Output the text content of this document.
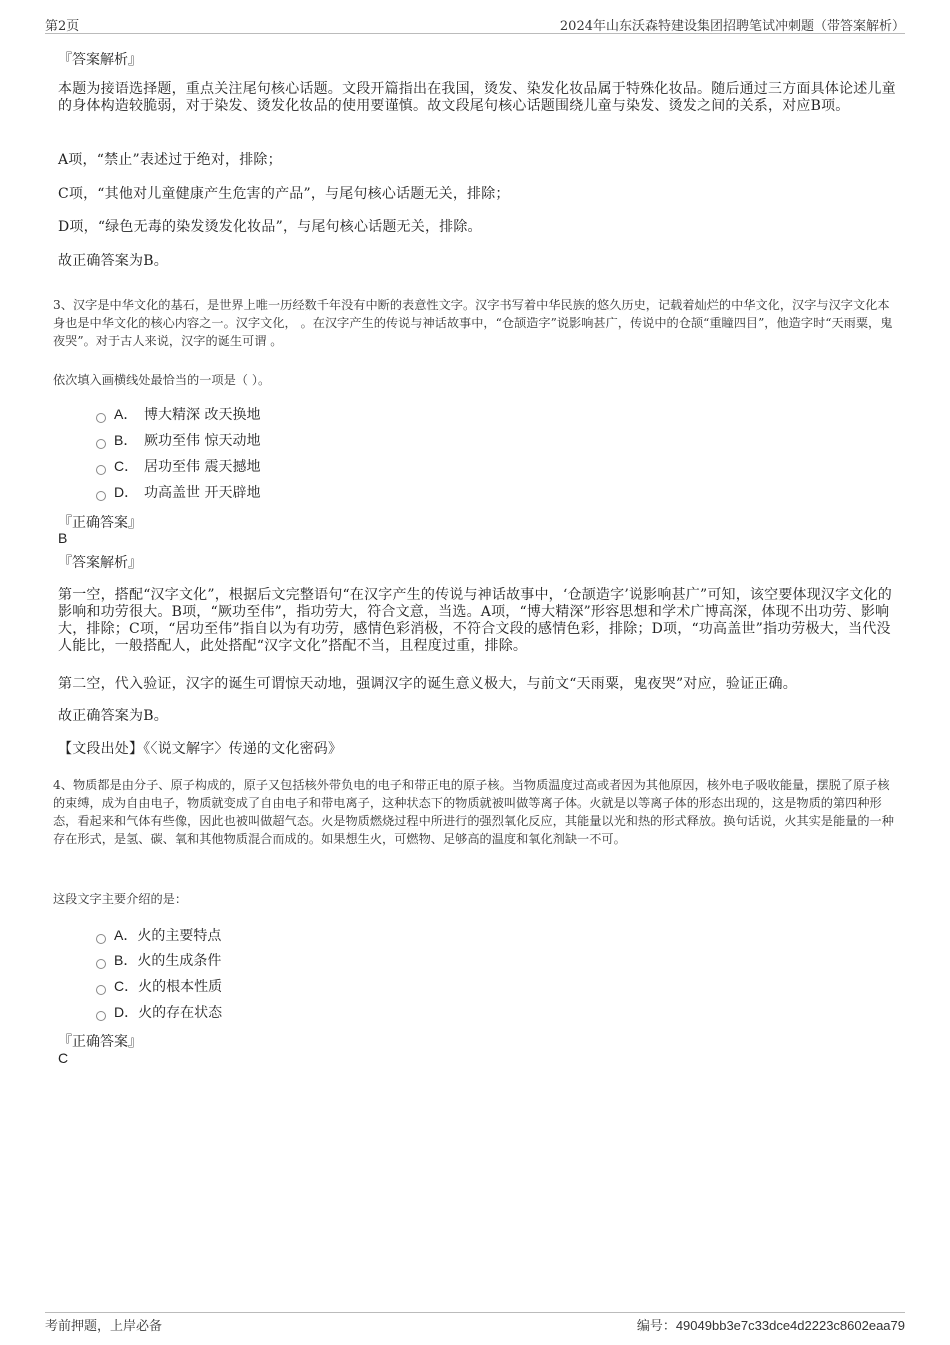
第2页	2024年山东沃森特建设集团招聘笔试冲刺题（带答案解析）
『答案解析』
本题为接语选择题，重点关注尾句核心话题。文段开篇指出在我国，烫发、染发化妆品属于特殊化妆品。随后通过三方面具体论述儿童的身体构造较脆弱，对于染发、烫发化妆品的使用要谨慎。故文段尾句核心话题围绕儿童与染发、烫发之间的关系，对应B项。
A项，“禁止”表述过于绝对，排除；
C项，“其他对儿童健康产生危害的产品”，与尾句核心话题无关，排除；
D项，“绿色无毒的染发烫发化妆品”，与尾句核心话题无关，排除。
故正确答案为B。
3、汉字是中华文化的基石，是世界上唯一历经数千年没有中断的表意性文字。汉字书写着中华民族的悠久历史，记载着灿烂的中华文化，汉字与汉字文化本身也是中华文化的核心内容之一。汉字文化， 。在汉字产生的传说与神话故事中，“仓颉造字”说影响甚广，传说中的仓颉“重瞳四目”，他造字时“天雨粟，鬼夜哭”。对于古人来说，汉字的诞生可谓 。
依次填入画横线处最恰当的一项是（ ）。
A． 博大精深 改天换地
B． 厥功至伟 惊天动地
C． 居功至伟 震天撼地
D． 功高盖世 开天辟地
『正确答案』
B
『答案解析』
第一空，搭配“汉字文化”，根据后文完整语句“在汉字产生的传说与神话故事中，‘仓颉造字’说影响甚广”可知，该空要体现汉字文化的影响和功劳很大。B项，“厥功至伟”，指功劳大，符合文意，当选。A项，“博大精深”形容思想和学术广博高深，体现不出功劳、影响大，排除；C项，“居功至伟”指自以为有功劳，感情色彩消极，不符合文段的感情色彩，排除；D项，“功高盖世”指功劳极大，当代没人能比，一般搭配人，此处搭配“汉字文化”搭配不当，且程度过重，排除。
第二空，代入验证，汉字的诞生可谓惊天动地，强调汉字的诞生意义极大，与前文“天雨粟，鬼夜哭”对应，验证正确。
故正确答案为B。
【文段出处】《〈说文解字〉传递的文化密码》
4、物质都是由分子、原子构成的，原子又包括核外带负电的电子和带正电的原子核。当物质温度过高或者因为其他原因，核外电子吸收能量，摆脱了原子核的束缚，成为自由电子，物质就变成了自由电子和带电离子，这种状态下的物质就被叫做等离子体。火就是以等离子体的形态出现的，这是物质的第四种形态，看起来和气体有些像，因此也被叫做超气态。火是物质燃烧过程中所进行的强烈氧化反应，其能量以光和热的形式释放。换句话说，火其实是能量的一种存在形式，是氢、碳、氧和其他物质混合而成的。如果想生火，可燃物、足够高的温度和氧化剂缺一不可。
这段文字主要介绍的是：
A．火的主要特点
B．火的生成条件
C．火的根本性质
D．火的存在状态
『正确答案』
C
考前押题，上岸必备	编号：49049bb3e7c33dce4d2223c8602eaa79
